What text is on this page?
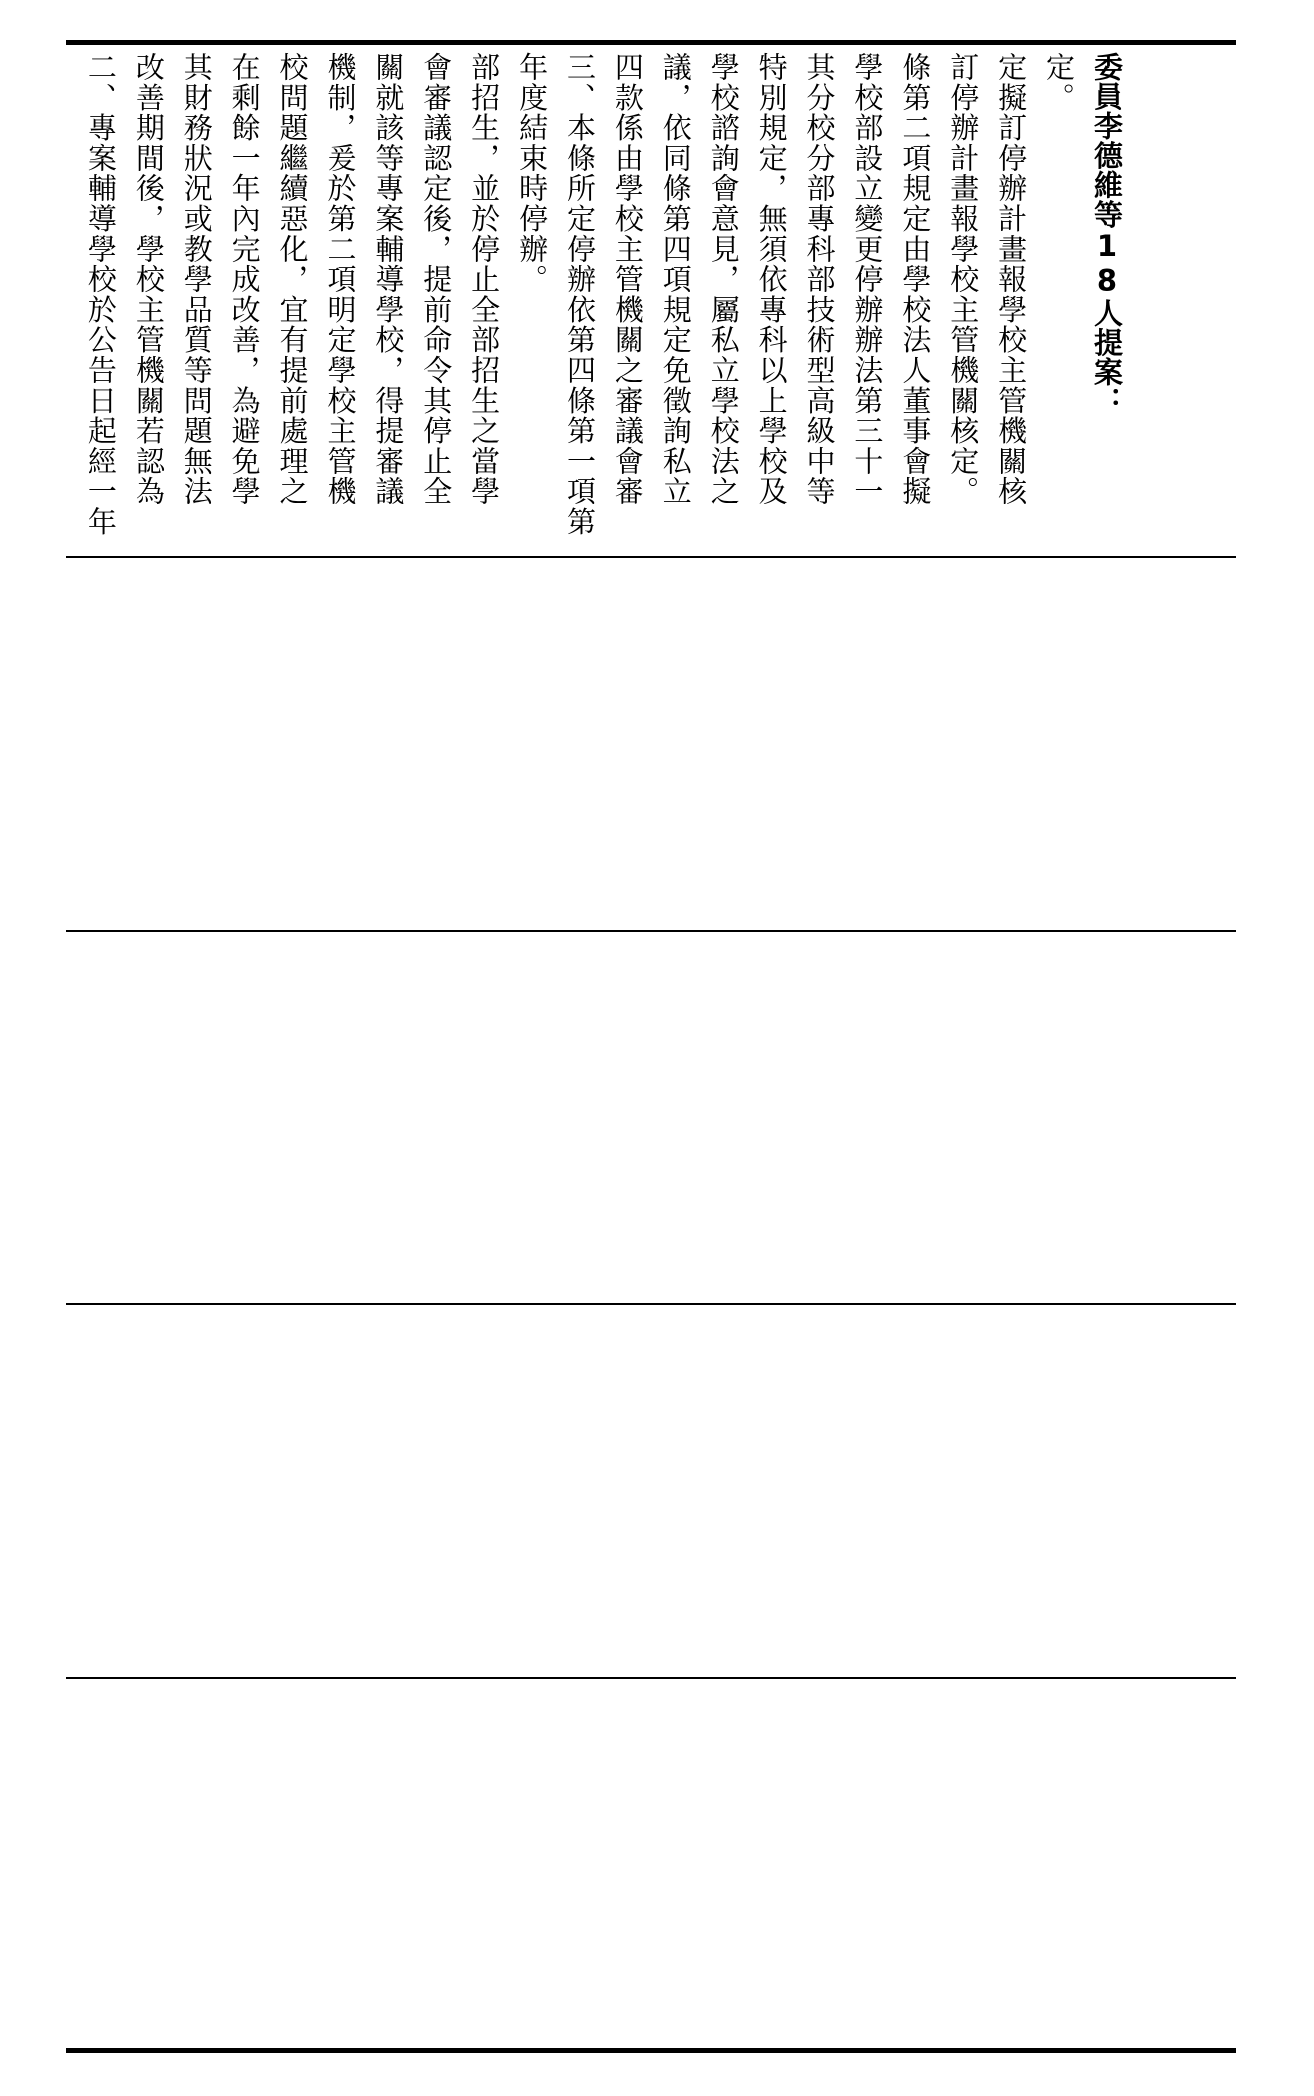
二、專案輔導學校於公告日起經一年 改善期間後，學校主管機關若認為 其財務狀況或教學品質等問題無法 在剩餘一年內完成改善，為避免學 校問題繼續惡化，宜有提前處理之 機制，爰於第二項明定學校主管機 關就該等專案輔導學校，得提審議 會審議認定後，提前命令其停止全 部招生，並於停止全部招生之當學 年度結束時停辦。 三、本條所定停辦依第四條第一項第 四款係由學校主管機關之審議會審 議，依同條第四項規定免徵詢私立 學校諮詢會意見，屬私立學校法之 特別規定，無須依專科以上學校及 其分校分部專科部技術型高級中等 學校部設立變更停辦辦法第三十一 條第二項規定由學校法人董事會擬 訂停辦計畫報學校主管機關核定。 定擬訂停辦計畫報學校主管機關核 定。 委員李德維等18人提案：
